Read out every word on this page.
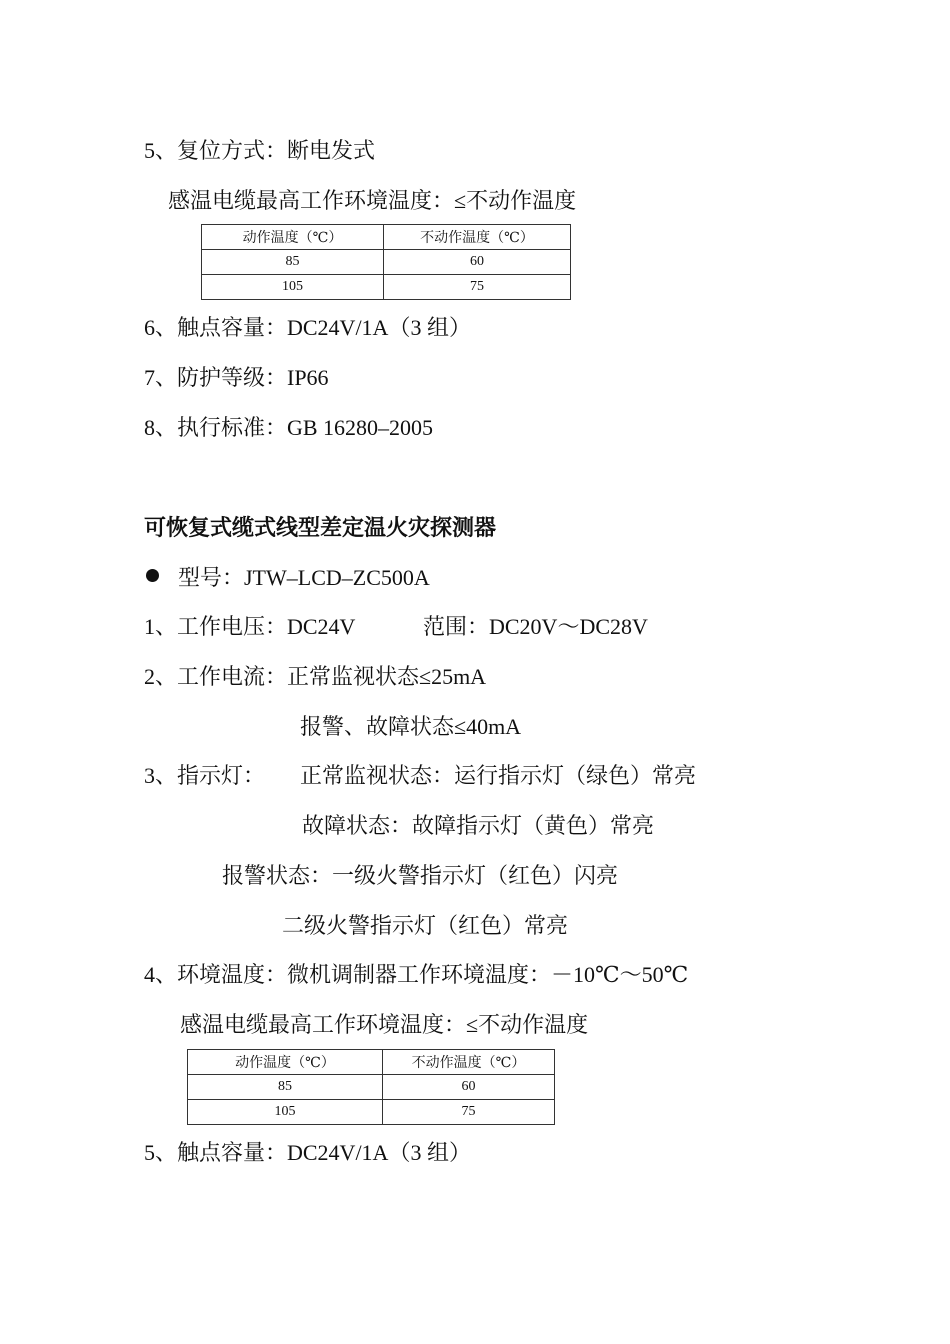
5、复位方式：断电发式
感温电缆最高工作环境温度：≤不动作温度
动作温度（℃）	不动作温度（℃）
85	60
105	75
6、触点容量：DC24V/1A（3 组）
7、防护等级：IP66
8、执行标准：GB 16280–2005
可恢复式缆式线型差定温火灾探测器
型号：JTW–LCD–ZC500A
1、工作电压：DC24V	范围：DC20V～DC28V
2、工作电流：正常监视状态≤25mA
报警、故障状态≤40mA
3、指示灯： 正常监视状态：运行指示灯（绿色）常亮
故障状态：故障指示灯（黄色）常亮
报警状态：一级火警指示灯（红色）闪亮
二级火警指示灯（红色）常亮
4、环境温度：微机调制器工作环境温度：－10℃～50℃
感温电缆最高工作环境温度：≤不动作温度
动作温度（℃）	不动作温度（℃）
85	60
105	75
5、触点容量：DC24V/1A（3 组）
